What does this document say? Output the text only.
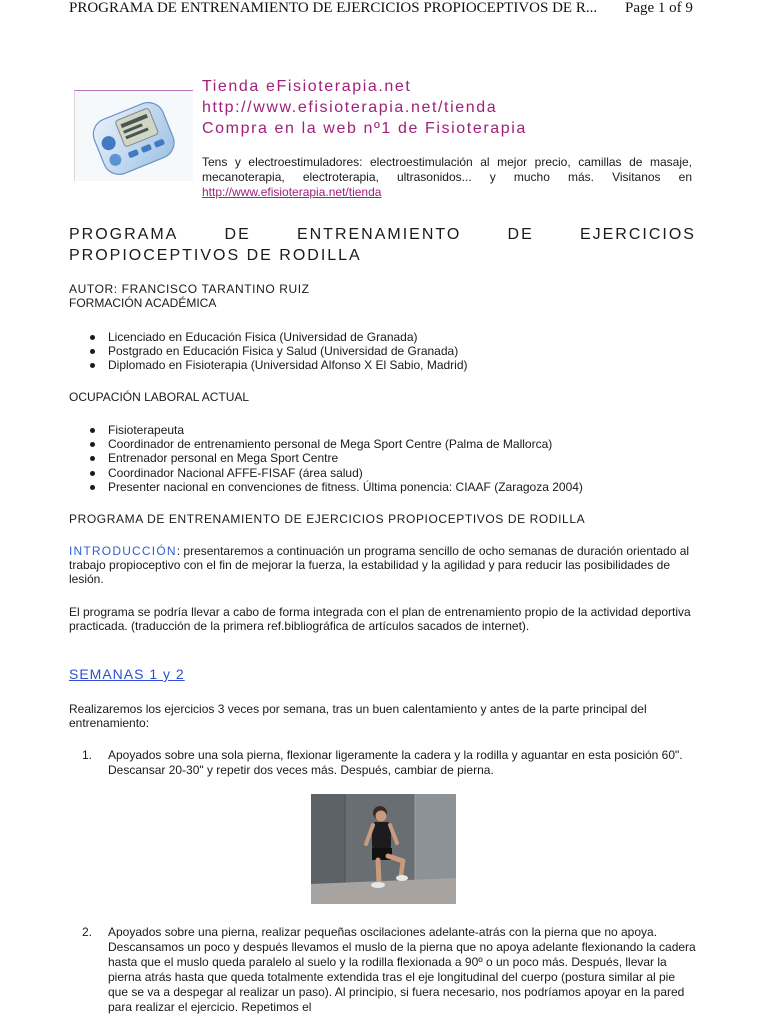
PROGRAMA DE ENTRENAMIENTO DE EJERCICIOS PROPIOCEPTIVOS DE R... Page 1 of 9
Tienda eFisioterapia.net
http://www.efisioterapia.net/tienda
Compra en la web nº1 de Fisioterapia
Tens y electroestimuladores: electroestimulación al mejor precio, camillas de masaje, mecanoterapia, electroterapia, ultrasonidos... y mucho más. Visitanos en http://www.efisioterapia.net/tienda
PROGRAMA	DE	ENTRENAMIENTO	DE	EJERCICIOS
PROPIOCEPTIVOS DE RODILLA
AUTOR: FRANCISCO TARANTINO RUIZ
FORMACIÓN ACADÉMICA
Licenciado en Educación Fisica (Universidad de Granada)
Postgrado en Educación Fisica y Salud (Universidad de Granada)
Diplomado en Fisioterapia (Universidad Alfonso X El Sabio, Madrid)
OCUPACIÓN LABORAL ACTUAL
Fisioterapeuta
Coordinador de entrenamiento personal de Mega Sport Centre (Palma de Mallorca)
Entrenador personal en Mega Sport Centre
Coordinador Nacional AFFE-FISAF (área salud)
Presenter nacional en convenciones de fitness. Última ponencia: CIAAF (Zaragoza 2004)
PROGRAMA DE ENTRENAMIENTO DE EJERCICIOS PROPIOCEPTIVOS DE RODILLA
INTRODUCCIÓN: presentaremos a continuación un programa sencillo de ocho semanas de duración orientado al trabajo propioceptivo con el fin de mejorar la fuerza, la estabilidad y la agilidad y para reducir las posibilidades de lesión.
El programa se podría llevar a cabo de forma integrada con el plan de entrenamiento propio de la actividad deportiva practicada. (traducción de la primera ref.bibliográfica de artículos sacados de internet).
SEMANAS 1 y 2
Realizaremos los ejercicios 3 veces por semana, tras un buen calentamiento y antes de la parte principal del entrenamiento:
1. Apoyados sobre una sola pierna, flexionar ligeramente la cadera y la rodilla y aguantar en esta posición 60". Descansar 20-30" y repetir dos veces más. Después, cambiar de pierna.
2. Apoyados sobre una pierna, realizar pequeñas oscilaciones adelante-atrás con la pierna que no apoya. Descansamos un poco y después llevamos el muslo de la pierna que no apoya adelante flexionando la cadera hasta que el muslo queda paralelo al suelo y la rodilla flexionada a 90º o un poco más. Después, llevar la pierna atrás hasta que queda totalmente extendida tras el eje longitudinal del cuerpo (postura similar al pie que se va a despegar al realizar un paso). Al principio, si fuera necesario, nos podríamos apoyar en la pared para realizar el ejercicio. Repetimos el
